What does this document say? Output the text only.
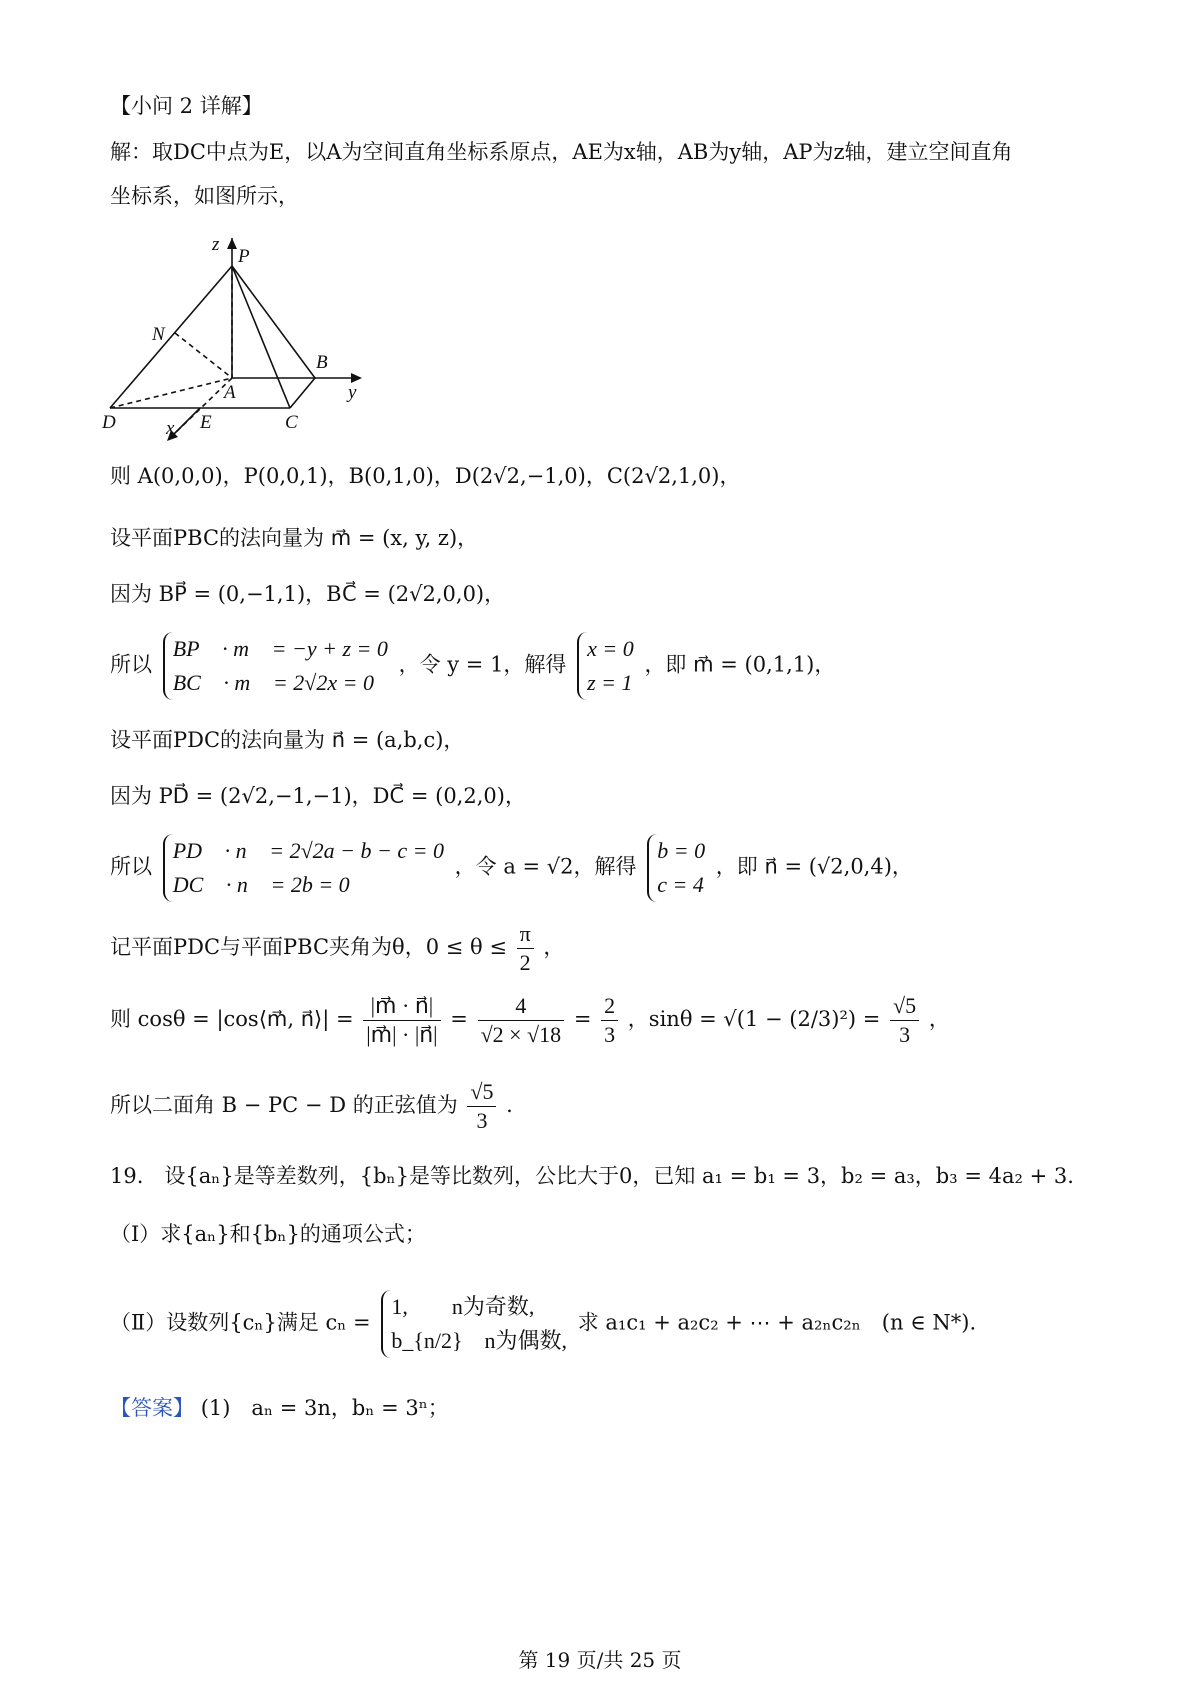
【小问 2 详解】
解：取DC中点为E，以A为空间直角坐标系原点，AE为x轴，AB为y轴，AP为z轴，建立空间直角
坐标系，如图所示，
z
P
N
B
A	y
D	x E	C
则 A(0,0,0)，P(0,0,1)，B(0,1,0)，D(2√2,−1,0)，C(2√2,1,0)，
设平面PBC的法向量为 m⃗ = (x, y, z)，
因为 BP⃗ = (0,−1,1)，BC⃗ = (2√2,0,0)，
所以
BP⃗ · m⃗ = −y + z = 0
BC⃗ · m⃗ = 2√2x = 0
，令 y = 1，解得
x = 0
z = 1
，即 m⃗ = (0,1,1)，
设平面PDC的法向量为 n⃗ = (a,b,c)，
因为 PD⃗ = (2√2,−1,−1)，DC⃗ = (0,2,0)，
所以
PD⃗ · n⃗ = 2√2a − b − c = 0
DC⃗ · n⃗ = 2b = 0
，令 a = √2，解得
b = 0
c = 4
，即 n⃗ = (√2,0,4)，
记平面PDC与平面PBC夹角为θ，$0 \le \theta \le \frac{\pi}{2}$ ，
则 cosθ = |cos⟨m⃗, n⃗⟩| = $\frac{|m⃗ \cdot n⃗|}{|m⃗| \cdot |n⃗|} = \frac{4}{√2 \times √18} = \frac{2}{3}$ ，$\sin\theta = √(1 - (2/3)^2) = \frac{√5}{3}$ ，
所以二面角 B − PC − D 的正弦值为 $\frac{√5}{3}$ .
19.　设{aₙ}是等差数列，{bₙ}是等比数列，公比大于0，已知 a₁ = b₁ = 3，b₂ = a₃，b₃ = 4a₂ + 3.
（Ⅰ）求{aₙ}和{bₙ}的通项公式；
（Ⅱ）设数列{cₙ}满足 cₙ =
1,　　n为奇数,
b_{n/2}　n为偶数,
求 a₁c₁ + a₂c₂ + ⋯ + a₂ₙc₂ₙ　(n ∈ N*).
【答案】 (1)　aₙ = 3n，bₙ = 3ⁿ；
第 19 页/共 25 页
